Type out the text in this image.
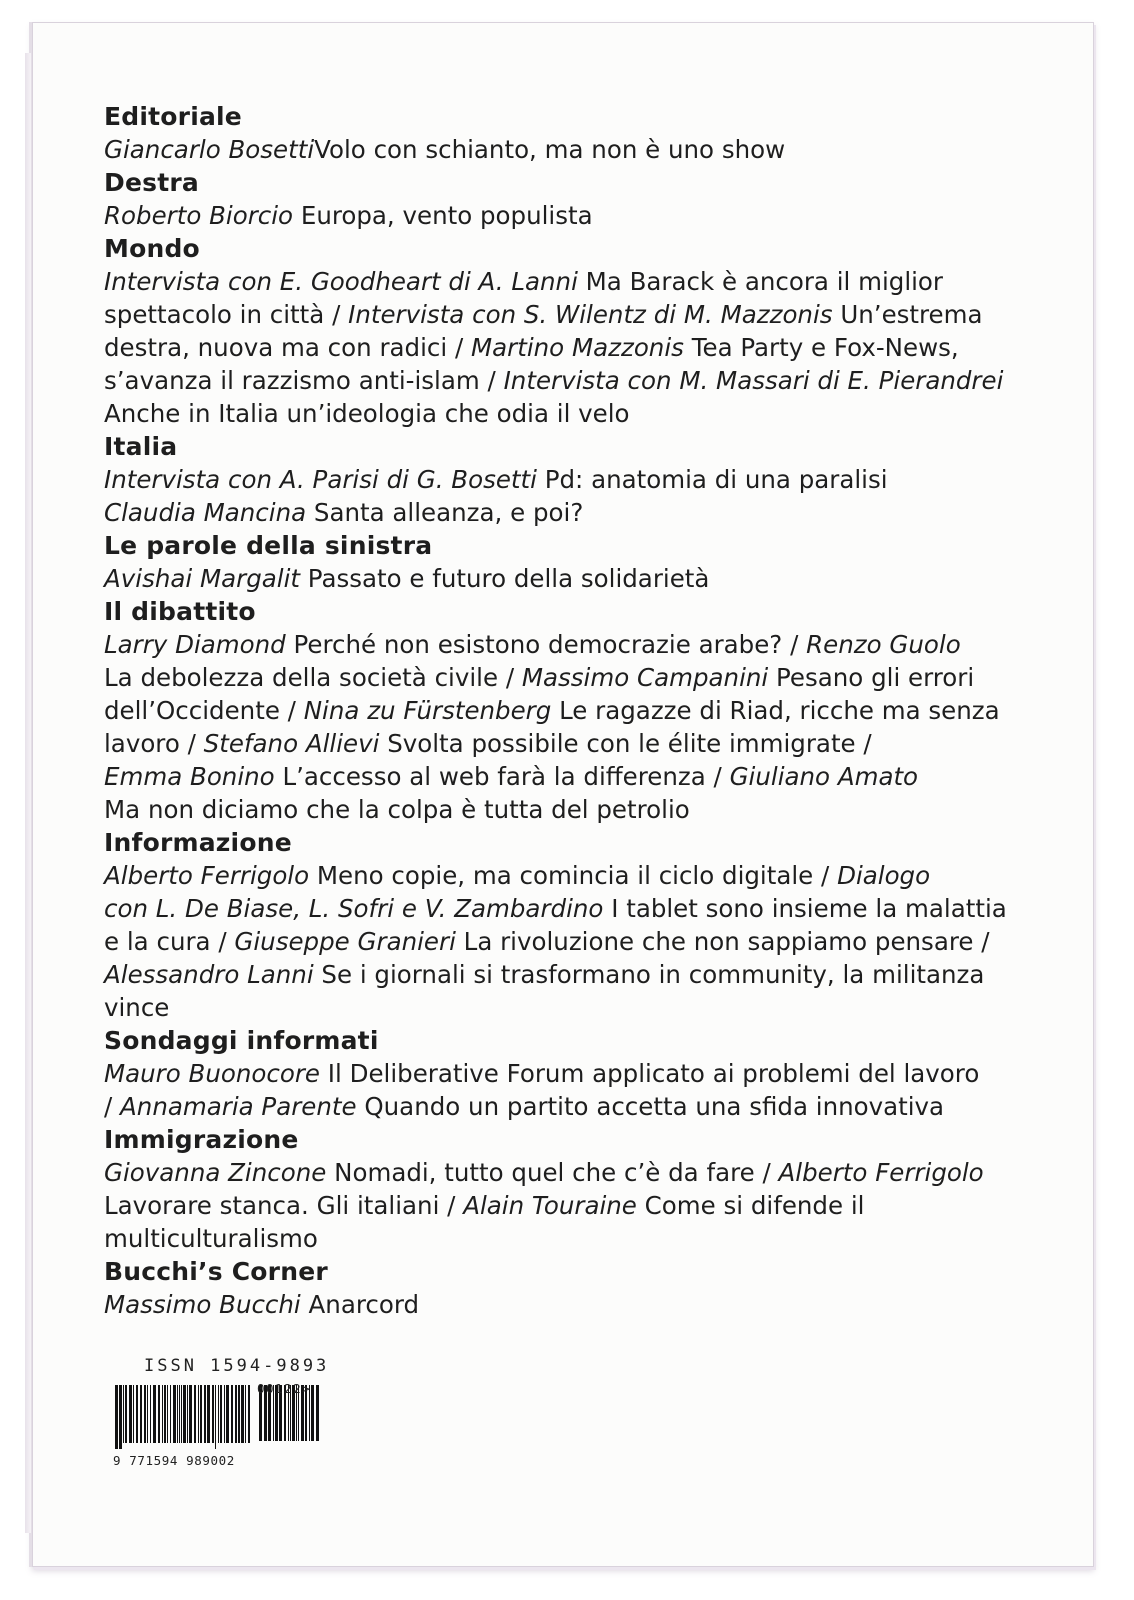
Editoriale
Giancarlo BosettiVolo con schianto, ma non è uno show
Destra
Roberto Biorcio Europa, vento populista
Mondo
Intervista con E. Goodheart di A. Lanni Ma Barack è ancora il miglior
spettacolo in città / Intervista con S. Wilentz di M. Mazzonis Un’estrema
destra, nuova ma con radici / Martino Mazzonis Tea Party e Fox-News,
s’avanza il razzismo anti-islam / Intervista con M. Massari di E. Pierandrei
Anche in Italia un’ideologia che odia il velo
Italia
Intervista con A. Parisi di G. Bosetti Pd: anatomia di una paralisi
Claudia Mancina Santa alleanza, e poi?
Le parole della sinistra
Avishai Margalit Passato e futuro della solidarietà
Il dibattito
Larry Diamond Perché non esistono democrazie arabe? / Renzo Guolo
La debolezza della società civile / Massimo Campanini Pesano gli errori
dell’Occidente / Nina zu Fürstenberg Le ragazze di Riad, ricche ma senza
lavoro / Stefano Allievi Svolta possibile con le élite immigrate /
Emma Bonino L’accesso al web farà la differenza / Giuliano Amato
Ma non diciamo che la colpa è tutta del petrolio
Informazione
Alberto Ferrigolo Meno copie, ma comincia il ciclo digitale / Dialogo
con L. De Biase, L. Sofri e V. Zambardino I tablet sono insieme la malattia
e la cura / Giuseppe Granieri La rivoluzione che non sappiamo pensare /
Alessandro Lanni Se i giornali si trasformano in community, la militanza
vince
Sondaggi informati
Mauro Buonocore Il Deliberative Forum applicato ai problemi del lavoro
/ Annamaria Parente Quando un partito accetta una sfida innovativa
Immigrazione
Giovanna Zincone Nomadi, tutto quel che c’è da fare / Alberto Ferrigolo
Lavorare stanca. Gli italiani / Alain Touraine Come si difende il
multiculturalismo
Bucchi’s Corner
Massimo Bucchi Anarcord
ISSN 1594-9893
9 771594 989002
00122>
